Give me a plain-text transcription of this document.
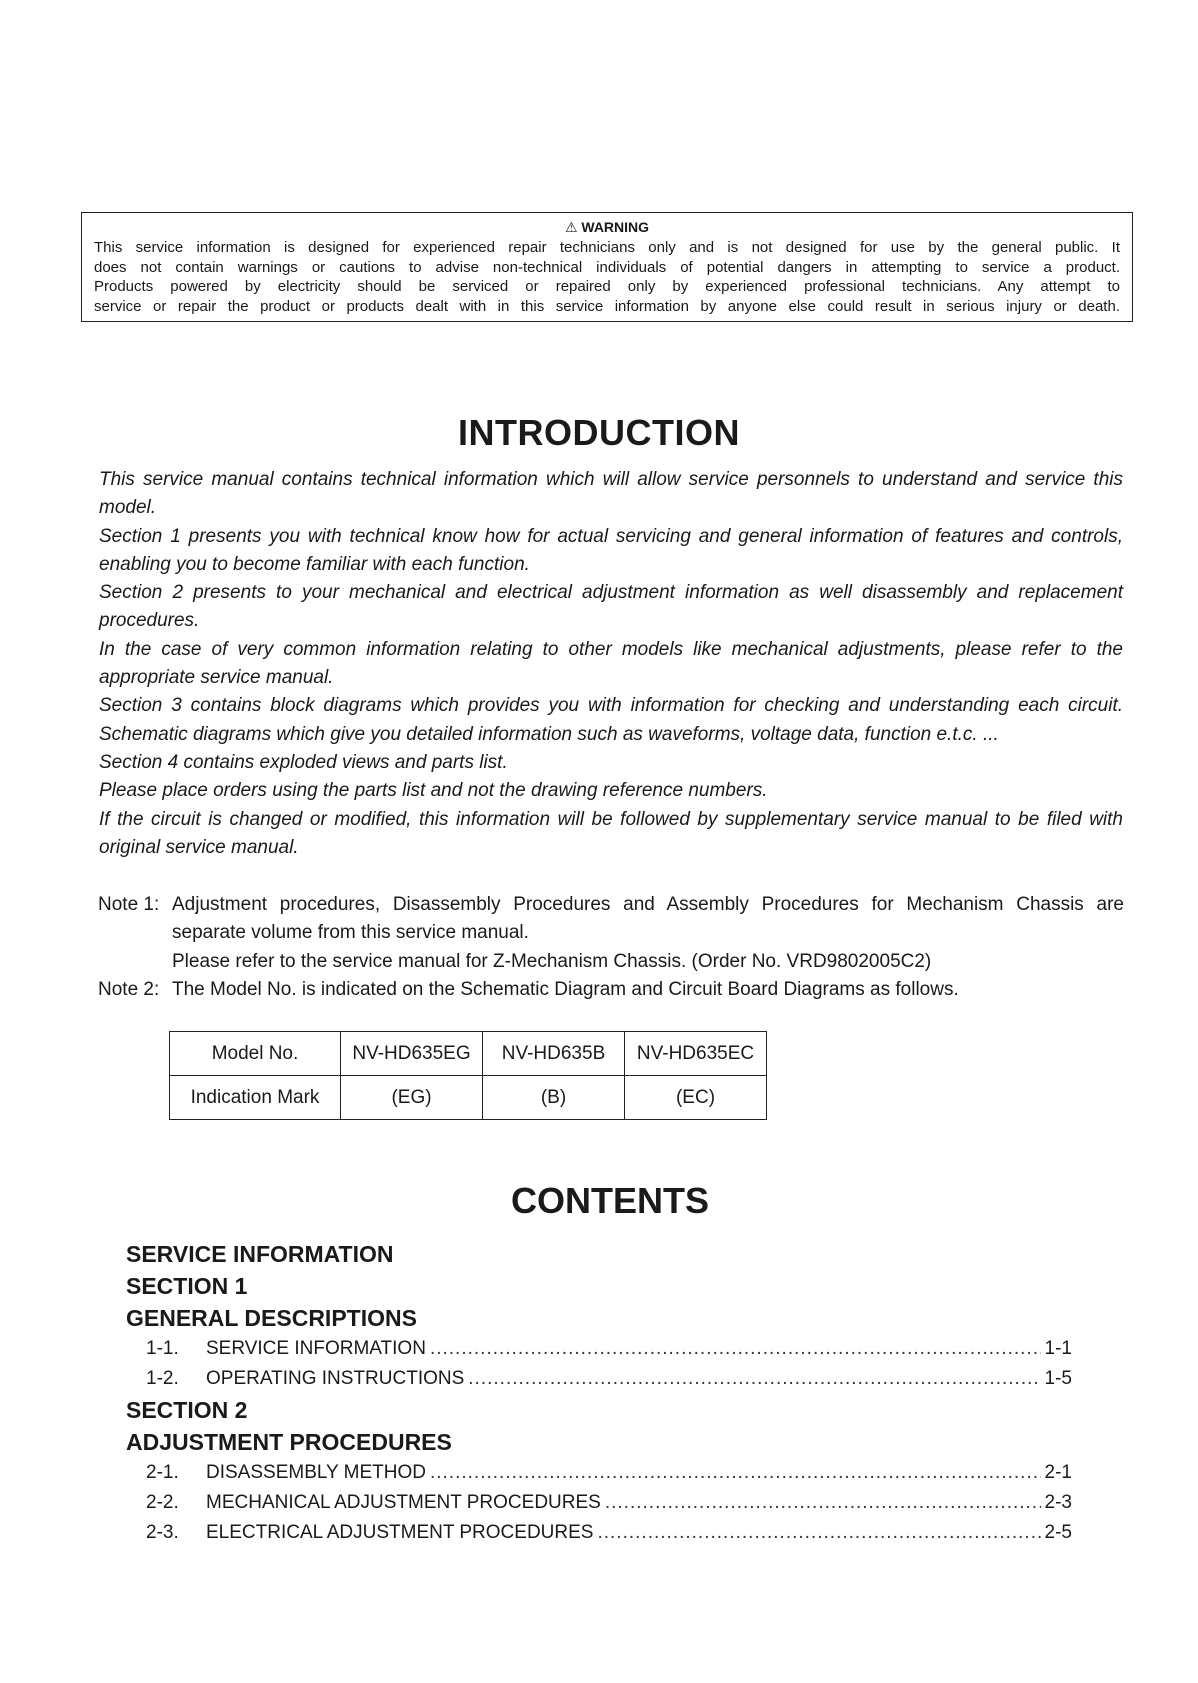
⚠ WARNING
This service information is designed for experienced repair technicians only and is not designed for use by the general public. It
does not contain warnings or cautions to advise non-technical individuals of potential dangers in attempting to service a product.
Products powered by electricity should be serviced or repaired only by experienced professional technicians. Any attempt to
service or repair the product or products dealt with in this service information by anyone else could result in serious injury or death.
INTRODUCTION

This service manual contains technical information which will allow service personnels to understand and service this model.

Section 1 presents you with technical know how for actual servicing and general information of features and controls, enabling you to become familiar with each function.

Section 2 presents to your mechanical and electrical adjustment information as well disassembly and replacement procedures.

In the case of very common information relating to other models like mechanical adjustments, please refer to the appropriate service manual.

Section 3 contains block diagrams which provides you with information for checking and understanding each circuit. Schematic diagrams which give you detailed information such as waveforms, voltage data, function e.t.c. ...

Section 4 contains exploded views and parts list.

Please place orders using the parts list and not the drawing reference numbers.

If the circuit is changed or modified, this information will be followed by supplementary service manual to be filed with original service manual.

Note 1: Adjustment procedures, Disassembly Procedures and Assembly Procedures for Mechanism Chassis are separate volume from this service manual.
Please refer to the service manual for Z-Mechanism Chassis. (Order No. VRD9802005C2)
Note 2: The Model No. is indicated on the Schematic Diagram and Circuit Board Diagrams as follows.
Model No.	NV-HD635EG	NV-HD635B	NV-HD635EC
Indication Mark	(EG)	(B)	(EC)
CONTENTS
SERVICE INFORMATION
SECTION 1
GENERAL DESCRIPTIONS
1-1.	SERVICE INFORMATION .....	1-1
1-2.	OPERATING INSTRUCTIONS .....	1-5
SECTION 2
ADJUSTMENT PROCEDURES
2-1.	DISASSEMBLY METHOD .....	2-1
2-2.	MECHANICAL ADJUSTMENT PROCEDURES .....	2-3
2-3.	ELECTRICAL ADJUSTMENT PROCEDURES .....	2-5
